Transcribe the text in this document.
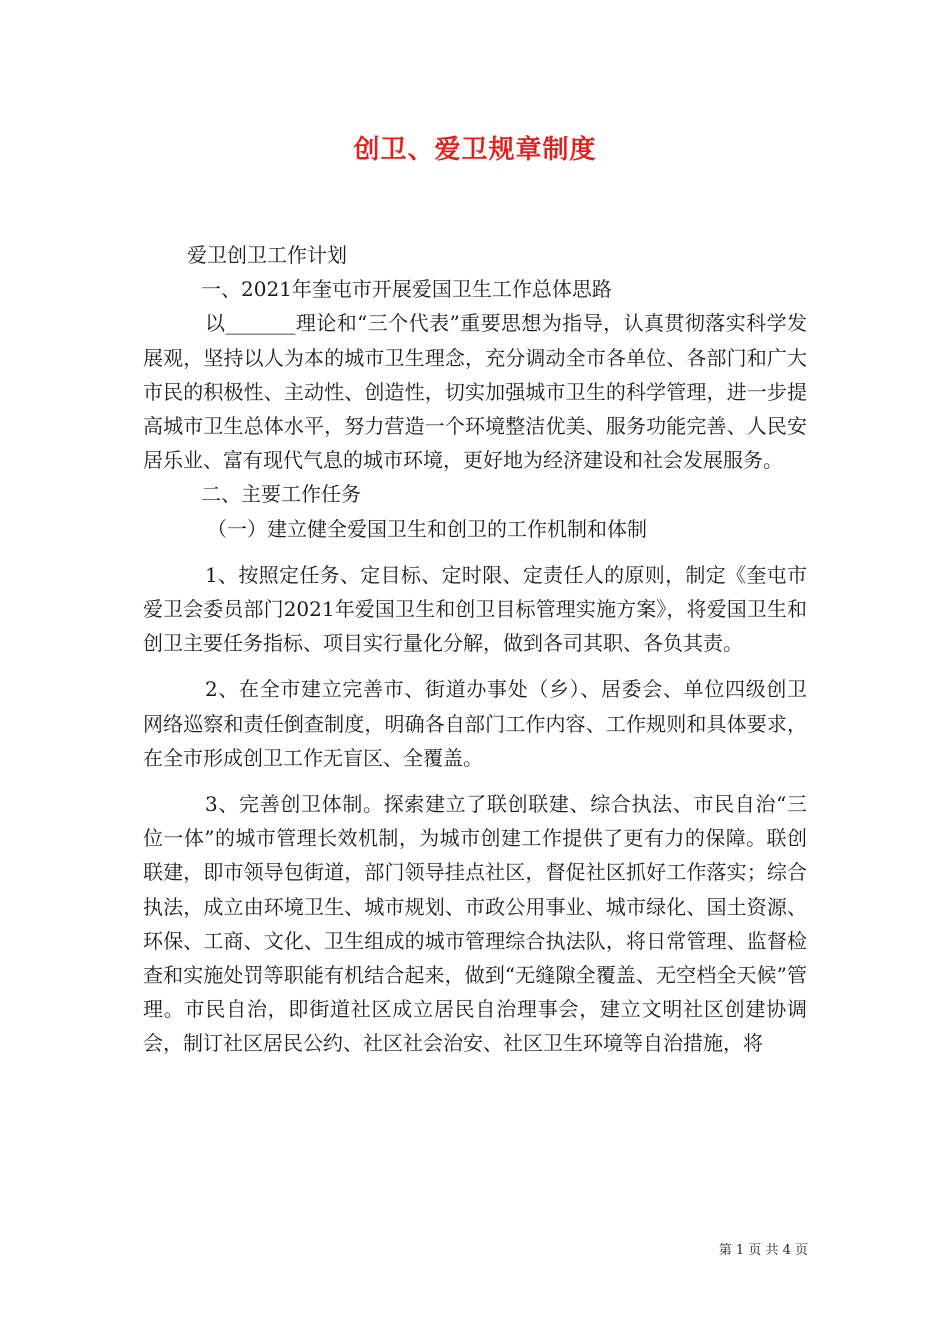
创卫、爱卫规章制度

爱卫创卫工作计划

一、2021年奎屯市开展爱国卫生工作总体思路

以_______理论和“三个代表”重要思想为指导，认真贯彻落实科学发展观，坚持以人为本的城市卫生理念，充分调动全市各单位、各部门和广大市民的积极性、主动性、创造性，切实加强城市卫生的科学管理，进一步提高城市卫生总体水平，努力营造一个环境整洁优美、服务功能完善、人民安居乐业、富有现代气息的城市环境，更好地为经济建设和社会发展服务。

二、主要工作任务

（一）建立健全爱国卫生和创卫的工作机制和体制

1、按照定任务、定目标、定时限、定责任人的原则，制定《奎屯市爱卫会委员部门2021年爱国卫生和创卫目标管理实施方案》，将爱国卫生和创卫主要任务指标、项目实行量化分解，做到各司其职、各负其责。

2、在全市建立完善市、街道办事处（乡）、居委会、单位四级创卫网络巡察和责任倒查制度，明确各自部门工作内容、工作规则和具体要求，在全市形成创卫工作无盲区、全覆盖。

3、完善创卫体制。探索建立了联创联建、综合执法、市民自治“三位一体”的城市管理长效机制，为城市创建工作提供了更有力的保障。联创联建，即市领导包街道，部门领导挂点社区，督促社区抓好工作落实；综合执法，成立由环境卫生、城市规划、市政公用事业、城市绿化、国土资源、环保、工商、文化、卫生组成的城市管理综合执法队，将日常管理、监督检查和实施处罚等职能有机结合起来，做到“无缝隙全覆盖、无空档全天候”管理。市民自治，即街道社区成立居民自治理事会，建立文明社区创建协调会，制订社区居民公约、社区社会治安、社区卫生环境等自治措施，将

第 1 页 共 4 页
